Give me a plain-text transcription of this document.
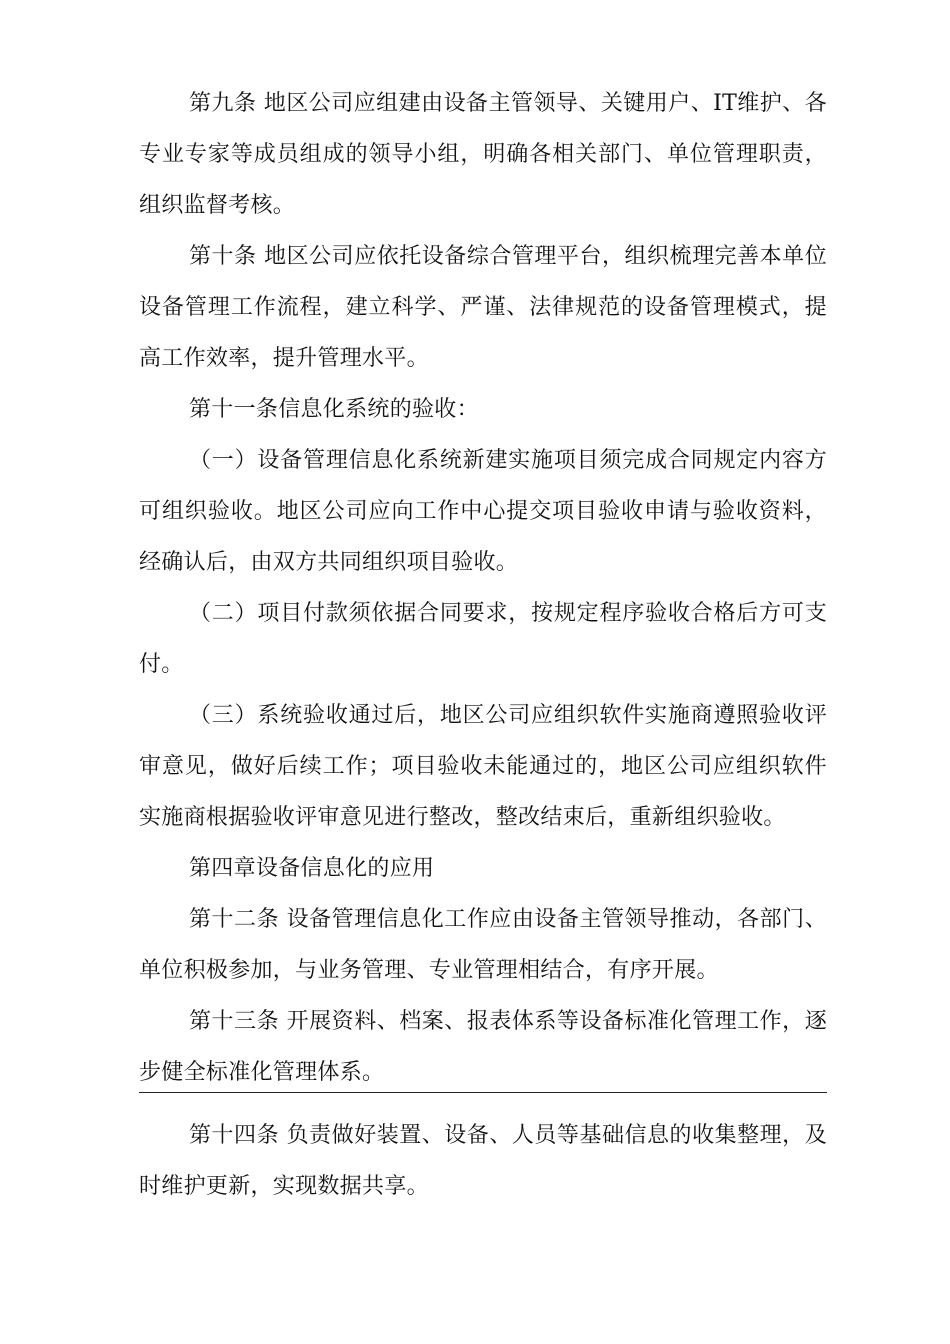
第九条 地区公司应组建由设备主管领导、关键用户、IT维护、各专业专家等成员组成的领导小组，明确各相关部门、单位管理职责，组织监督考核。

第十条 地区公司应依托设备综合管理平台，组织梳理完善本单位设备管理工作流程，建立科学、严谨、法律规范的设备管理模式，提高工作效率，提升管理水平。

第十一条信息化系统的验收：

（一）设备管理信息化系统新建实施项目须完成合同规定内容方可组织验收。地区公司应向工作中心提交项目验收申请与验收资料，经确认后，由双方共同组织项目验收。

（二）项目付款须依据合同要求，按规定程序验收合格后方可支付。

（三）系统验收通过后，地区公司应组织软件实施商遵照验收评审意见，做好后续工作；项目验收未能通过的，地区公司应组织软件实施商根据验收评审意见进行整改，整改结束后，重新组织验收。

第四章设备信息化的应用

第十二条 设备管理信息化工作应由设备主管领导推动，各部门、单位积极参加，与业务管理、专业管理相结合，有序开展。

第十三条 开展资料、档案、报表体系等设备标准化管理工作，逐步健全标准化管理体系。

第十四条 负责做好装置、设备、人员等基础信息的收集整理，及时维护更新，实现数据共享。
